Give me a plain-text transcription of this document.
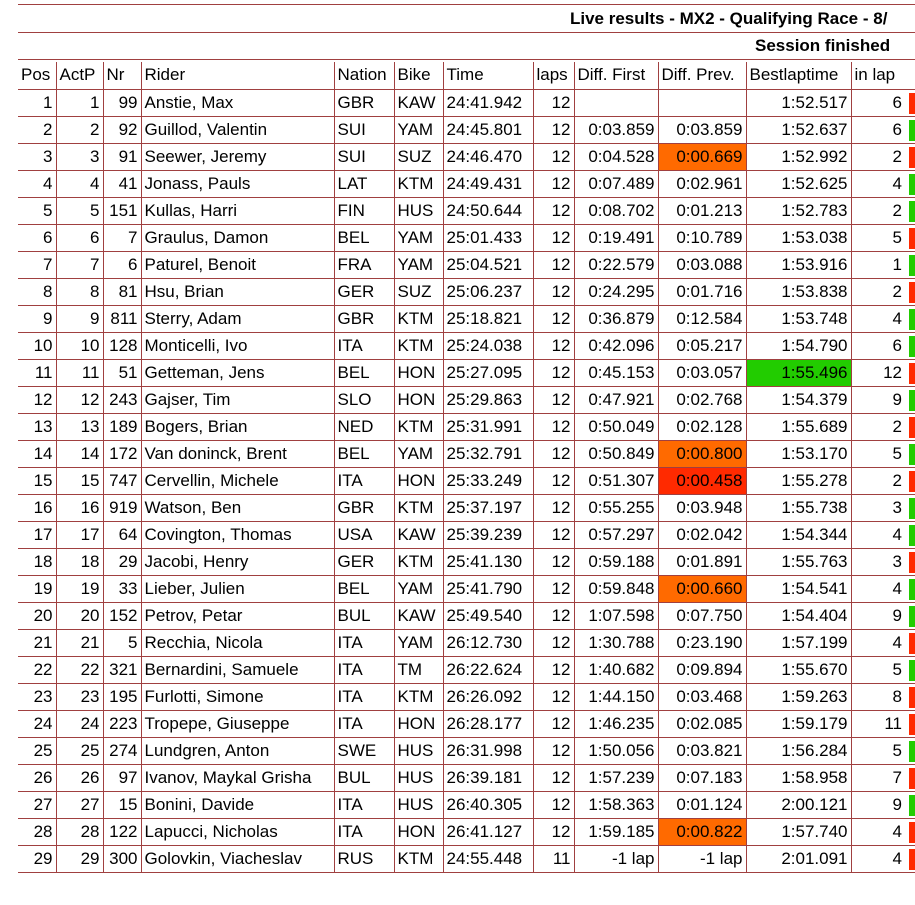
Live results - MX2 - Qualifying Race - 8/
Session finished
Pos	ActP	Nr	Rider	Nation	Bike	Time	laps	Diff. First	Diff. Prev.	Bestlaptime	in lap
1	1	99	Anstie, Max	GBR	KAW	24:41.942	12			1:52.517	6

2	2	92	Guillod, Valentin	SUI	YAM	24:45.801	12	0:03.859	0:03.859	1:52.637	6

3	3	91	Seewer, Jeremy	SUI	SUZ	24:46.470	12	0:04.528	0:00.669	1:52.992	2

4	4	41	Jonass, Pauls	LAT	KTM	24:49.431	12	0:07.489	0:02.961	1:52.625	4

5	5	151	Kullas, Harri	FIN	HUS	24:50.644	12	0:08.702	0:01.213	1:52.783	2

6	6	7	Graulus, Damon	BEL	YAM	25:01.433	12	0:19.491	0:10.789	1:53.038	5

7	7	6	Paturel, Benoit	FRA	YAM	25:04.521	12	0:22.579	0:03.088	1:53.916	1

8	8	81	Hsu, Brian	GER	SUZ	25:06.237	12	0:24.295	0:01.716	1:53.838	2

9	9	811	Sterry, Adam	GBR	KTM	25:18.821	12	0:36.879	0:12.584	1:53.748	4

10	10	128	Monticelli, Ivo	ITA	KTM	25:24.038	12	0:42.096	0:05.217	1:54.790	6

11	11	51	Getteman, Jens	BEL	HON	25:27.095	12	0:45.153	0:03.057	1:55.496	12

12	12	243	Gajser, Tim	SLO	HON	25:29.863	12	0:47.921	0:02.768	1:54.379	9

13	13	189	Bogers, Brian	NED	KTM	25:31.991	12	0:50.049	0:02.128	1:55.689	2

14	14	172	Van doninck, Brent	BEL	YAM	25:32.791	12	0:50.849	0:00.800	1:53.170	5

15	15	747	Cervellin, Michele	ITA	HON	25:33.249	12	0:51.307	0:00.458	1:55.278	2

16	16	919	Watson, Ben	GBR	KTM	25:37.197	12	0:55.255	0:03.948	1:55.738	3

17	17	64	Covington, Thomas	USA	KAW	25:39.239	12	0:57.297	0:02.042	1:54.344	4

18	18	29	Jacobi, Henry	GER	KTM	25:41.130	12	0:59.188	0:01.891	1:55.763	3

19	19	33	Lieber, Julien	BEL	YAM	25:41.790	12	0:59.848	0:00.660	1:54.541	4

20	20	152	Petrov, Petar	BUL	KAW	25:49.540	12	1:07.598	0:07.750	1:54.404	9

21	21	5	Recchia, Nicola	ITA	YAM	26:12.730	12	1:30.788	0:23.190	1:57.199	4

22	22	321	Bernardini, Samuele	ITA	TM	26:22.624	12	1:40.682	0:09.894	1:55.670	5

23	23	195	Furlotti, Simone	ITA	KTM	26:26.092	12	1:44.150	0:03.468	1:59.263	8

24	24	223	Tropepe, Giuseppe	ITA	HON	26:28.177	12	1:46.235	0:02.085	1:59.179	11

25	25	274	Lundgren, Anton	SWE	HUS	26:31.998	12	1:50.056	0:03.821	1:56.284	5

26	26	97	Ivanov, Maykal Grisha	BUL	HUS	26:39.181	12	1:57.239	0:07.183	1:58.958	7

27	27	15	Bonini, Davide	ITA	HUS	26:40.305	12	1:58.363	0:01.124	2:00.121	9

28	28	122	Lapucci, Nicholas	ITA	HON	26:41.127	12	1:59.185	0:00.822	1:57.740	4

29	29	300	Golovkin, Viacheslav	RUS	KTM	24:55.448	11	-1 lap	-1 lap	2:01.091	4
